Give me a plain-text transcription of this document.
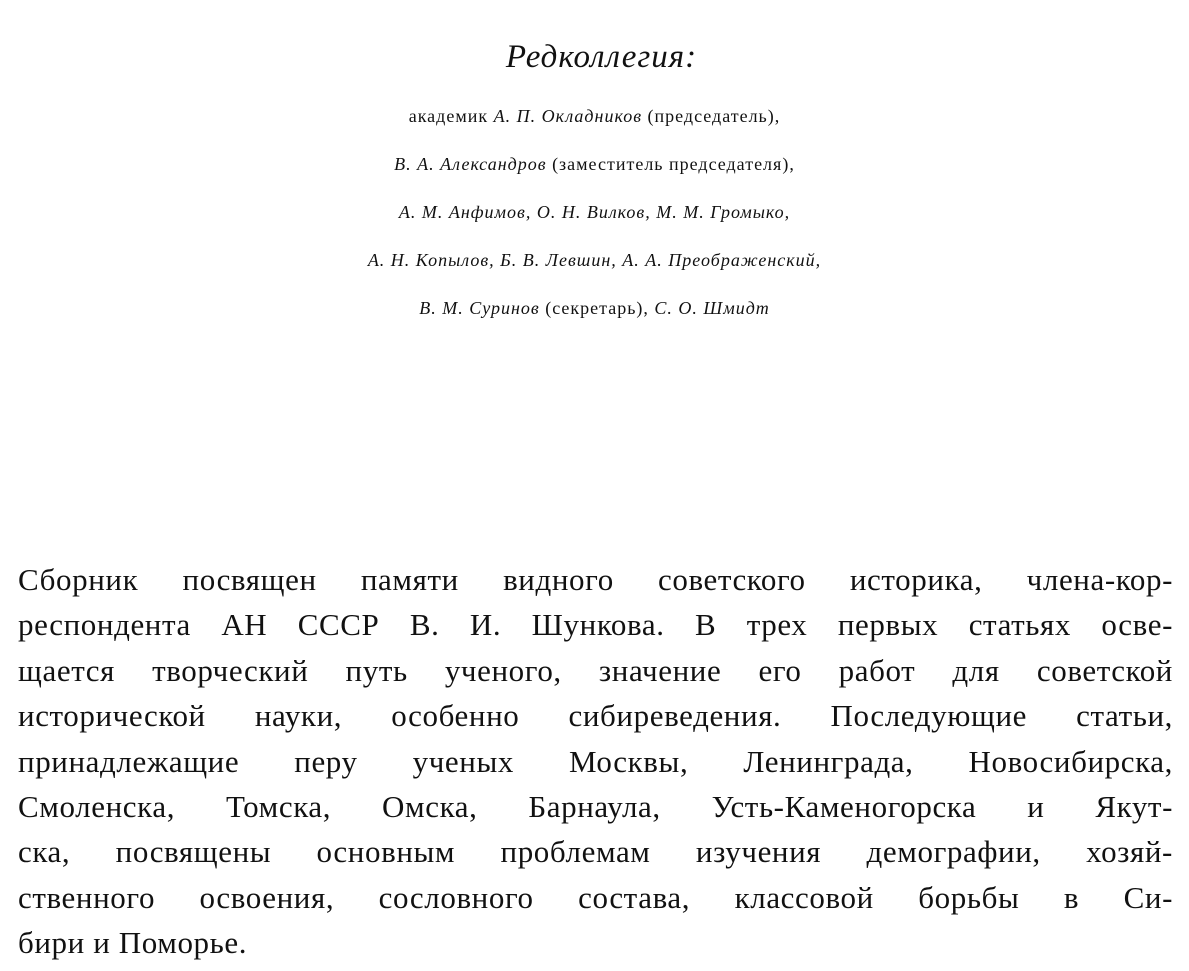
Редколлегия:
академик А. П. Окладников (председатель),
В. А. Александров (заместитель председателя),
А. М. Анфимов, О. Н. Вилков, М. М. Громыко,
А. Н. Копылов, Б. В. Левшин, А. А. Преображенский,
В. М. Суринов (секретарь), С. О. Шмидт
Сборник посвящен памяти видного советского историка, члена-кор-
респондента АН СССР В. И. Шункова. В трех первых статьях осве-
щается творческий путь ученого, значение его работ для советской
исторической науки, особенно сибиреведения. Последующие статьи,
принадлежащие перу ученых Москвы, Ленинграда, Новосибирска,
Смоленска, Томска, Омска, Барнаула, Усть-Каменогорска и Якут-
ска, посвящены основным проблемам изучения демографии, хозяй-
ственного освоения, сословного состава, классовой борьбы в Си-
бири и Поморье.
